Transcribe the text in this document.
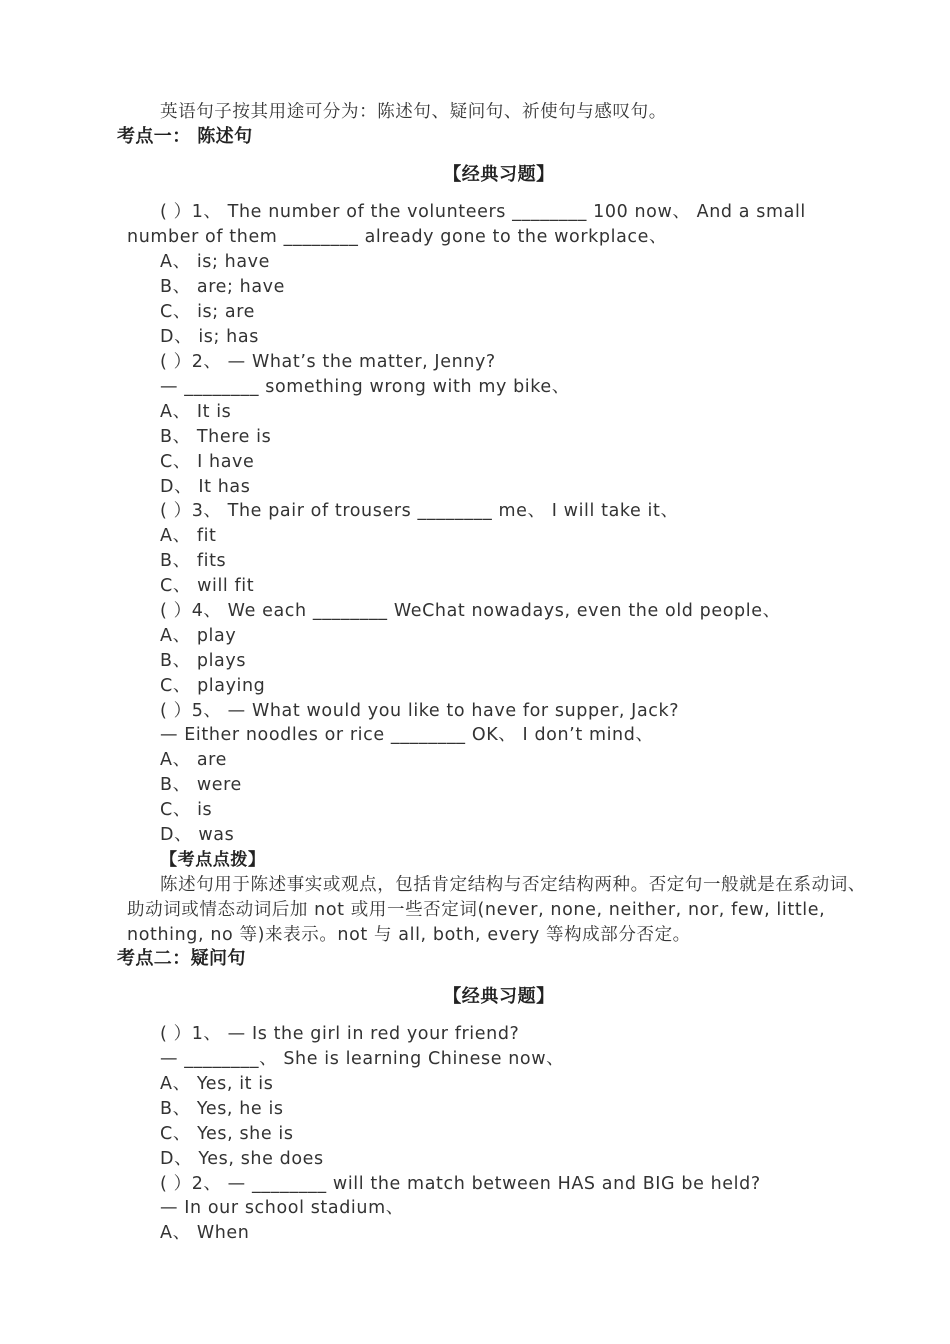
英语句子按其用途可分为：陈述句、疑问句、祈使句与感叹句。
考点一： 陈述句
【经典习题】
( ）1、 The number of the volunteers ________ 100 now、 And a small
number of them ________ already gone to the workplace、
A、 is; have
B、 are; have
C、 is; are
D、 is; has
( ）2、 — What’s the matter, Jenny?
— ________ something wrong with my bike、
A、 It is
B、 There is
C、 I have
D、 It has
( ）3、 The pair of trousers ________ me、 I will take it、
A、 fit
B、 fits
C、 will fit
( ）4、 We each ________ WeChat nowadays, even the old people、
A、 play
B、 plays
C、 playing
( ）5、 — What would you like to have for supper, Jack?
— Either noodles or rice ________ OK、 I don’t mind、
A、 are
B、 were
C、 is
D、 was
【考点点拨】
陈述句用于陈述事实或观点，包括肯定结构与否定结构两种。否定句一般就是在系动词、
助动词或情态动词后加 not 或用一些否定词(never, none, neither, nor, few, little,
nothing, no 等)来表示。not 与 all, both, every 等构成部分否定。
考点二：疑问句
【经典习题】
( ）1、 — Is the girl in red your friend?
— ________、 She is learning Chinese now、
A、 Yes, it is
B、 Yes, he is
C、 Yes, she is
D、 Yes, she does
( ）2、 — ________ will the match between HAS and BIG be held?
— In our school stadium、
A、 When
